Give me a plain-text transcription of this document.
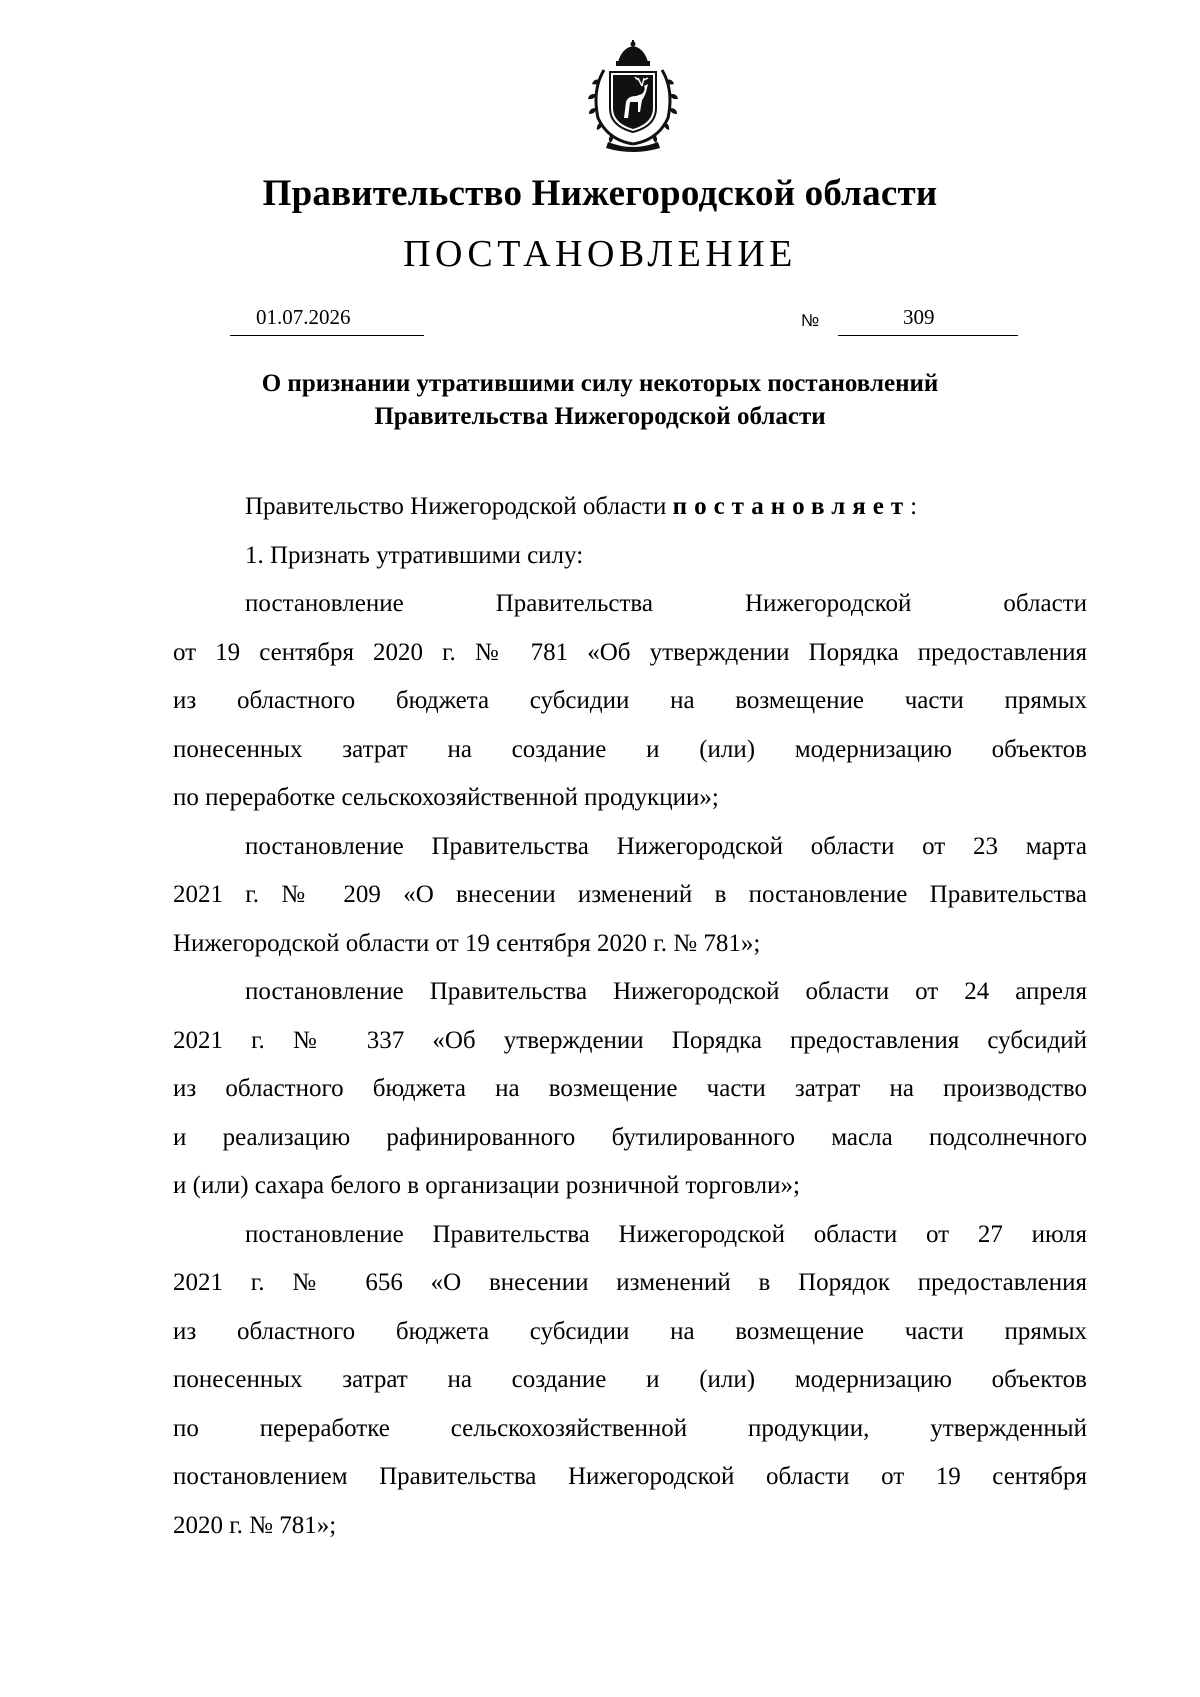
Правительство Нижегородской области
ПОСТАНОВЛЕНИЕ
01.07.2026	№	309
О признании утратившими силу некоторых постановлений
Правительства Нижегородской области
Правительство Нижегородской области постановляет:
1. Признать утратившими силу:
постановление Правительства Нижегородской области
от 19 сентября 2020 г. № 781 «Об утверждении Порядка предоставления
из областного бюджета субсидии на возмещение части прямых
понесенных затрат на создание и (или) модернизацию объектов
по переработке сельскохозяйственной продукции»;
постановление Правительства Нижегородской области от 23 марта
2021 г. № 209 «О внесении изменений в постановление Правительства
Нижегородской области от 19 сентября 2020 г. № 781»;
постановление Правительства Нижегородской области от 24 апреля
2021 г. № 337 «Об утверждении Порядка предоставления субсидий
из областного бюджета на возмещение части затрат на производство
и реализацию рафинированного бутилированного масла подсолнечного
и (или) сахара белого в организации розничной торговли»;
постановление Правительства Нижегородской области от 27 июля
2021 г. № 656 «О внесении изменений в Порядок предоставления
из областного бюджета субсидии на возмещение части прямых
понесенных затрат на создание и (или) модернизацию объектов
по переработке сельскохозяйственной продукции, утвержденный
постановлением Правительства Нижегородской области от 19 сентября
2020 г. № 781»;
